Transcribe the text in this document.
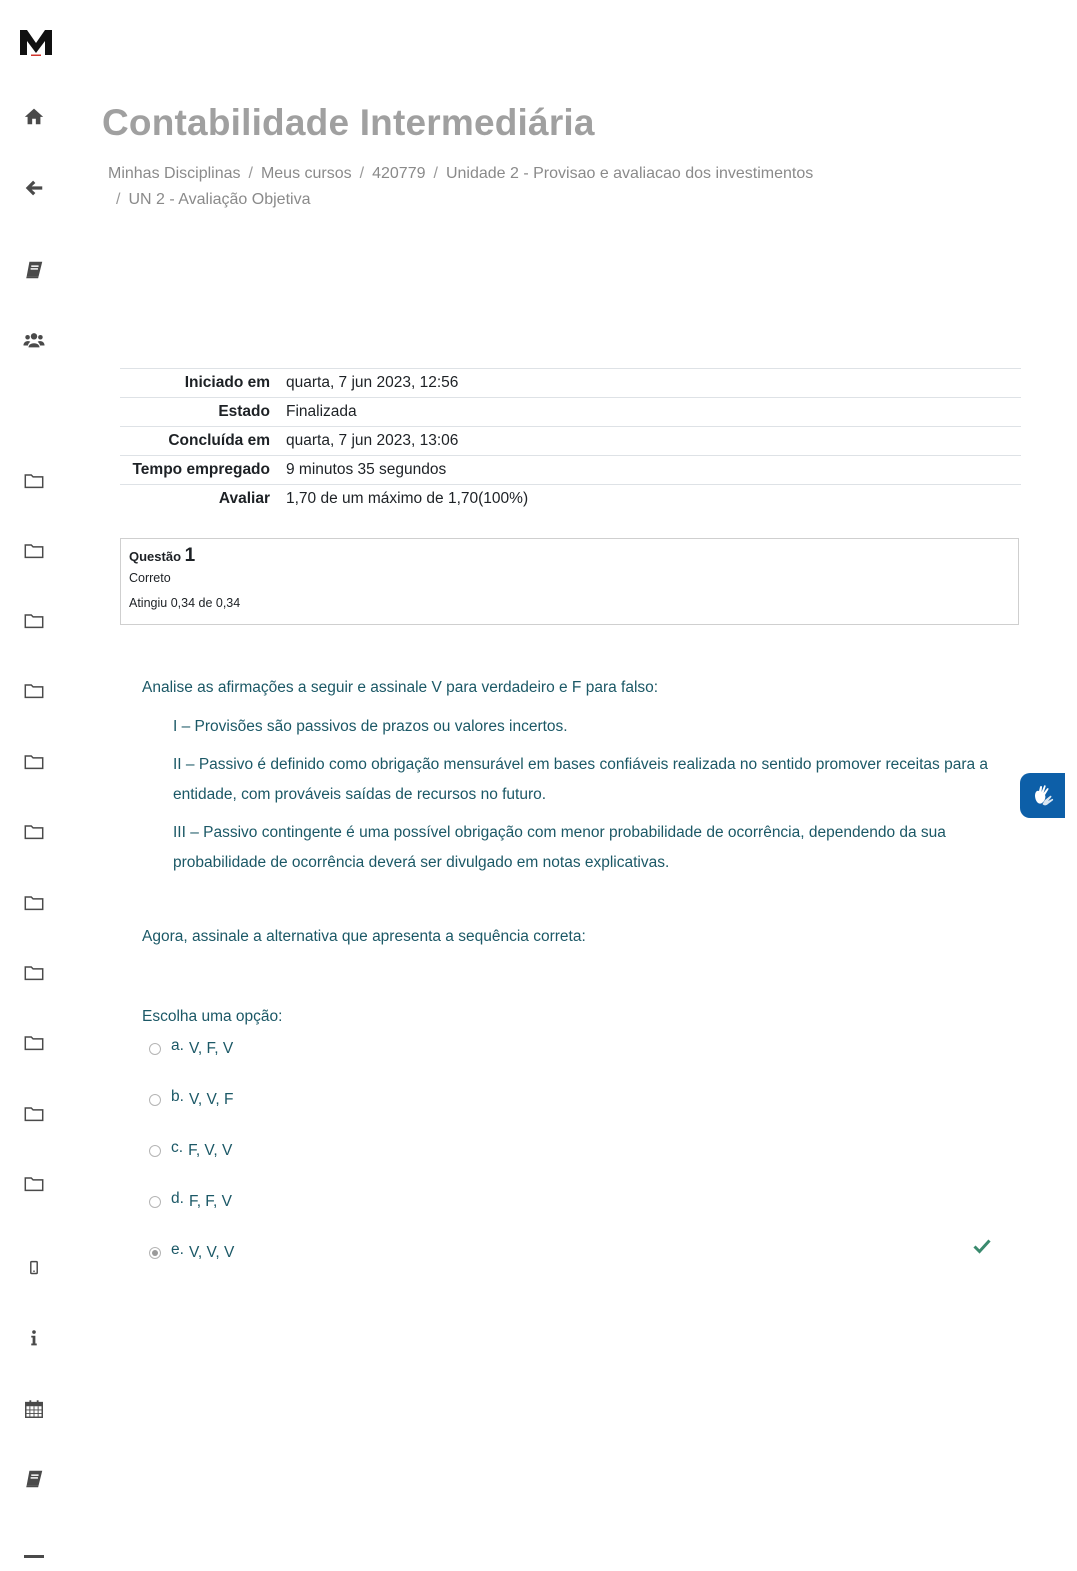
Contabilidade Intermediária
Minhas Disciplinas / Meus cursos / 420779 / Unidade 2 - Provisao e avaliacao dos investimentos
/ UN 2 - Avaliação Objetiva
Iniciado em	quarta, 7 jun 2023, 12:56
Estado	Finalizada
Concluída em	quarta, 7 jun 2023, 13:06
Tempo empregado	9 minutos 35 segundos
Avaliar	1,70 de um máximo de 1,70(100%)
Questão 1
Correto
Atingiu 0,34 de 0,34
Analise as afirmações a seguir e assinale V para verdadeiro e F para falso:

I – Provisões são passivos de prazos ou valores incertos.

II – Passivo é definido como obrigação mensurável em bases confiáveis realizada no sentido promover receitas para a entidade, com prováveis saídas de recursos no futuro.

III – Passivo contingente é uma possível obrigação com menor probabilidade de ocorrência, dependendo da sua probabilidade de ocorrência deverá ser divulgado em notas explicativas.

Agora, assinale a alternativa que apresenta a sequência correta:
Escolha uma opção:
a. V, F, V
b. V, V, F
c. F, V, V
d. F, F, V
e. V, V, V
